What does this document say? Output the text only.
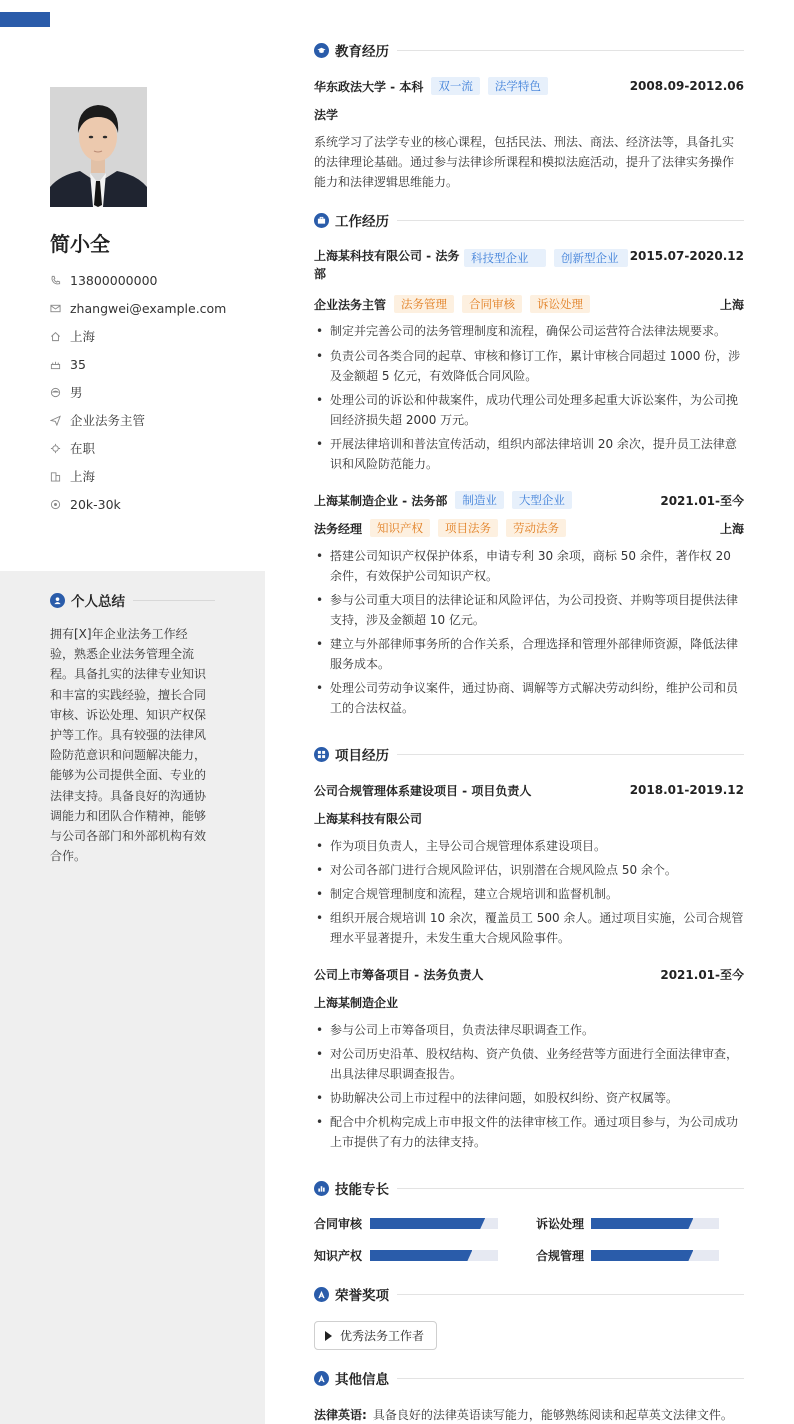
简小全
13800000000
zhangwei@example.com
上海
35
男
企业法务主管
在职
上海
20k-30k
个人总结
拥有[X]年企业法务工作经验，熟悉企业法务管理全流程。具备扎实的法律专业知识和丰富的实践经验，擅长合同审核、诉讼处理、知识产权保护等工作。具有较强的法律风险防范意识和问题解决能力，能够为公司提供全面、专业的法律支持。具备良好的沟通协调能力和团队合作精神，能够与公司各部门和外部机构有效合作。
教育经历
华东政法大学 - 本科	双一流	法学特色	2008.09-2012.06
法学
系统学习了法学专业的核心课程，包括民法、刑法、商法、经济法等，具备扎实的法律理论基础。通过参与法律诊所课程和模拟法庭活动，提升了法律实务操作能力和法律逻辑思维能力。
工作经历
上海某科技有限公司 - 法务部
科技型企业	创新型企业 2015.07-2020.12
企业法务主管	法务管理	合同审核	诉讼处理	上海
• 制定并完善公司的法务管理制度和流程，确保公司运营符合法律法规要求。
• 负责公司各类合同的起草、审核和修订工作，累计审核合同超过 1000 份，涉及金额超 5 亿元，有效降低合同风险。
• 处理公司的诉讼和仲裁案件，成功代理公司处理多起重大诉讼案件，为公司挽回经济损失超 2000 万元。
• 开展法律培训和普法宣传活动，组织内部法律培训 20 余次，提升员工法律意识和风险防范能力。
上海某制造企业 - 法务部	制造业	大型企业	2021.01-至今
法务经理	知识产权	项目法务	劳动法务	上海
• 搭建公司知识产权保护体系，申请专利 30 余项，商标 50 余件，著作权 20 余件，有效保护公司知识产权。
• 参与公司重大项目的法律论证和风险评估，为公司投资、并购等项目提供法律支持，涉及金额超 10 亿元。
• 建立与外部律师事务所的合作关系，合理选择和管理外部律师资源，降低法律服务成本。
• 处理公司劳动争议案件，通过协商、调解等方式解决劳动纠纷，维护公司和员工的合法权益。
项目经历
公司合规管理体系建设项目 - 项目负责人	2018.01-2019.12
上海某科技有限公司
• 作为项目负责人，主导公司合规管理体系建设项目。
• 对公司各部门进行合规风险评估，识别潜在合规风险点 50 余个。
• 制定合规管理制度和流程，建立合规培训和监督机制。
• 组织开展合规培训 10 余次，覆盖员工 500 余人。通过项目实施，公司合规管理水平显著提升，未发生重大合规风险事件。
公司上市筹备项目 - 法务负责人	2021.01-至今
上海某制造企业
• 参与公司上市筹备项目，负责法律尽职调查工作。
• 对公司历史沿革、股权结构、资产负债、业务经营等方面进行全面法律审查，出具法律尽职调查报告。
• 协助解决公司上市过程中的法律问题，如股权纠纷、资产权属等。
• 配合中介机构完成上市申报文件的法律审核工作。通过项目参与，为公司成功上市提供了有力的法律支持。
技能专长
合同审核	诉讼处理
知识产权	合规管理
荣誉奖项
优秀法务工作者
其他信息
法律英语: 具备良好的法律英语读写能力，能够熟练阅读和起草英文法律文件。
